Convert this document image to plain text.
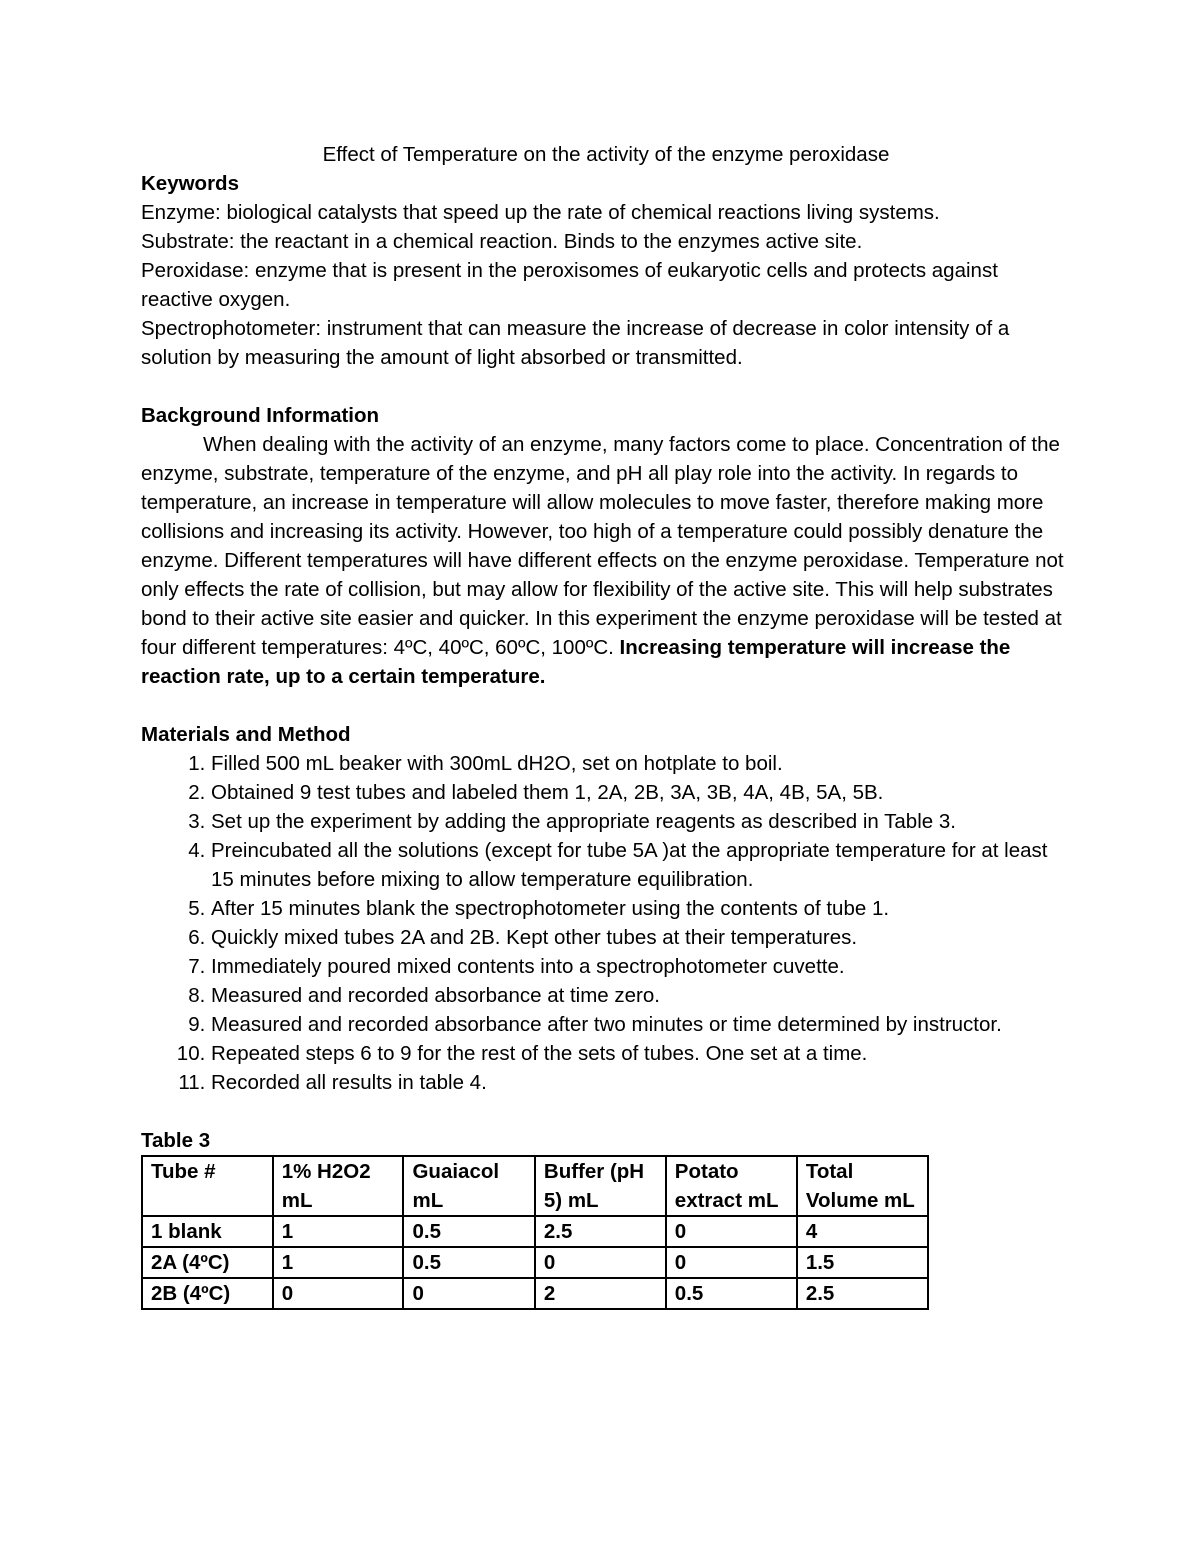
Effect of Temperature on the activity of the enzyme peroxidase

Keywords

Enzyme: biological catalysts that speed up the rate of chemical reactions living systems.

Substrate: the reactant in a chemical reaction. Binds to the enzymes active site.

Peroxidase: enzyme that is present in the peroxisomes of eukaryotic cells and protects against reactive oxygen.

Spectrophotometer: instrument that can measure the increase of decrease in color intensity of a solution by measuring the amount of light absorbed or transmitted.

Background Information

When dealing with the activity of an enzyme, many factors come to place. Concentration of the enzyme, substrate, temperature of the enzyme, and pH all play role into the activity. In regards to temperature, an increase in temperature will allow molecules to move faster, therefore making more collisions and increasing its activity. However, too high of a temperature could possibly denature the enzyme. Different temperatures will have different effects on the enzyme peroxidase. Temperature not only effects the rate of collision, but may allow for flexibility of the active site. This will help substrates bond to their active site easier and quicker. In this experiment the enzyme peroxidase will be tested at four different temperatures: 4ºC, 40ºC, 60ºC, 100ºC. Increasing temperature will increase the reaction rate, up to a certain temperature.

Materials and Method

1. Filled 500 mL beaker with 300mL dH2O, set on hotplate to boil.
2. Obtained 9 test tubes and labeled them 1, 2A, 2B, 3A, 3B, 4A, 4B, 5A, 5B.
3. Set up the experiment by adding the appropriate reagents as described in Table 3.
4. Preincubated all the solutions (except for tube 5A )at the appropriate temperature for at least 15 minutes before mixing to allow temperature equilibration.
5. After 15 minutes blank the spectrophotometer using the contents of tube 1.
6. Quickly mixed tubes 2A and 2B. Kept other tubes at their temperatures.
7. Immediately poured mixed contents into a spectrophotometer cuvette.
8. Measured and recorded absorbance at time zero.
9. Measured and recorded absorbance after two minutes or time determined by instructor.
10. Repeated steps 6 to 9 for the rest of the sets of tubes. One set at a time.
11. Recorded all results in table 4.

Table 3

Tube #	1% H2O2 mL	Guaiacol mL	Buffer (pH 5) mL	Potato extract mL	Total Volume mL
1 blank	1	0.5	2.5	0	4
2A (4ºC)	1	0.5	0	0	1.5
2B (4ºC)	0	0	2	0.5	2.5
